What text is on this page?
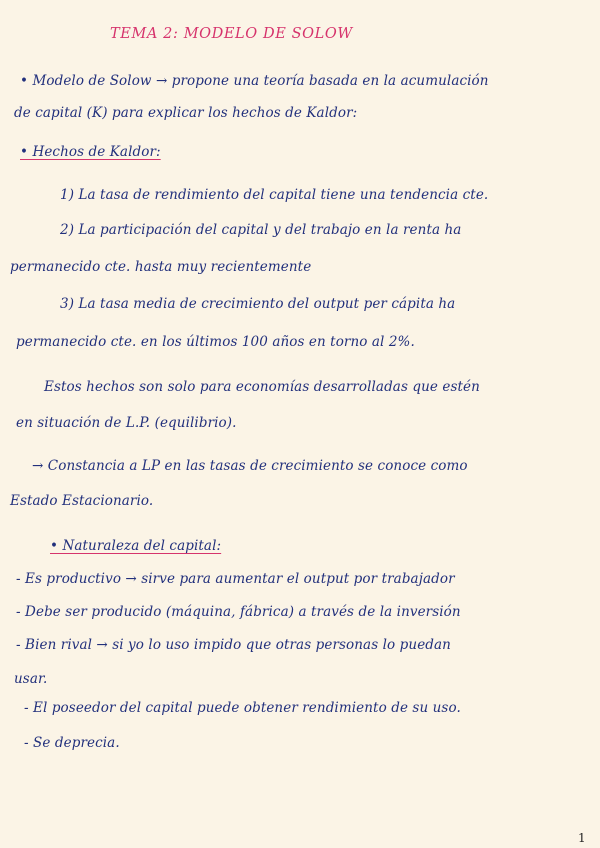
TEMA 2: MODELO DE SOLOW
• Modelo de Solow → propone una teoría basada en la acumulación
de capital (K) para explicar los hechos de Kaldor:
• Hechos de Kaldor:
1) La tasa de rendimiento del capital tiene una tendencia cte.
2) La participación del capital y del trabajo en la renta ha
permanecido cte. hasta muy recientemente
3) La tasa media de crecimiento del output per cápita ha
permanecido cte. en los últimos 100 años en torno al 2%.
Estos hechos son solo para economías desarrolladas que estén
en situación de L.P. (equilibrio).
→ Constancia a LP en las tasas de crecimiento se conoce como
Estado Estacionario.
• Naturaleza del capital:
- Es productivo → sirve para aumentar el output por trabajador
- Debe ser producido (máquina, fábrica) a través de la inversión
- Bien rival → si yo lo uso impido que otras personas lo puedan
usar.
- El poseedor del capital puede obtener rendimiento de su uso.
- Se deprecia.
1
